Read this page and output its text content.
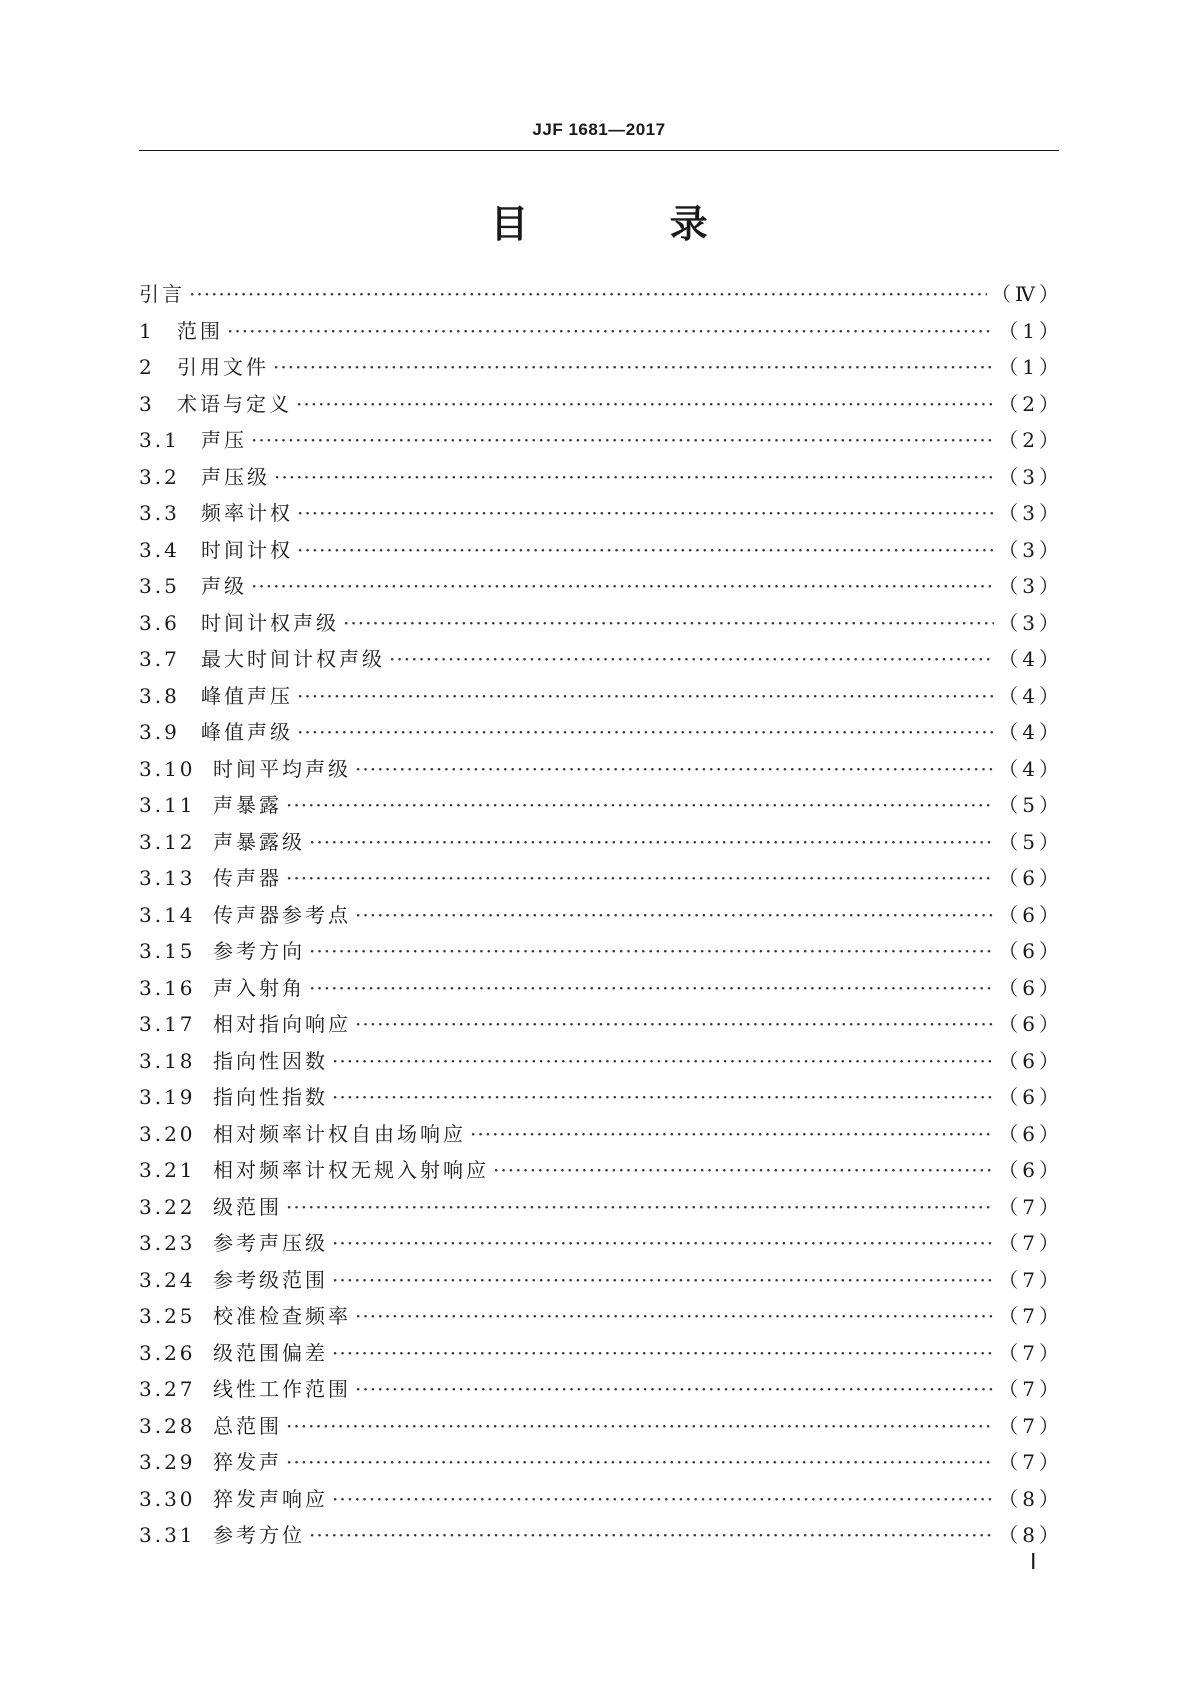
JJF 1681—2017
目 录
引言 ·····	（Ⅳ）
1	范围 ·····	（1）
2	引用文件 ·····	（1）
3	术语与定义 ·····	（2）
3.1	声压 ·····	（2）
3.2	声压级 ·····	（3）
3.3	频率计权 ·····	（3）
3.4	时间计权 ·····	（3）
3.5	声级 ·····	（3）
3.6	时间计权声级 ·····	（3）
3.7	最大时间计权声级 ·····	（4）
3.8	峰值声压 ·····	（4）
3.9	峰值声级 ·····	（4）
3.10 时间平均声级 ·····	（4）
3.11 声暴露 ·····	（5）
3.12 声暴露级 ·····	（5）
3.13 传声器 ·····	（6）
3.14 传声器参考点 ·····	（6）
3.15 参考方向 ·····	（6）
3.16 声入射角 ·····	（6）
3.17 相对指向响应 ·····	（6）
3.18 指向性因数 ·····	（6）
3.19 指向性指数 ·····	（6）
3.20 相对频率计权自由场响应 ·····	（6）
3.21 相对频率计权无规入射响应 ·····	（6）
3.22 级范围 ·····	（7）
3.23 参考声压级 ·····	（7）
3.24 参考级范围 ·····	（7）
3.25 校准检查频率 ·····	（7）
3.26 级范围偏差 ·····	（7）
3.27 线性工作范围 ·····	（7）
3.28 总范围 ·····	（7）
3.29 猝发声 ·····	（7）
3.30 猝发声响应 ·····	（8）
3.31 参考方位 ·····	（8）
Ⅰ
